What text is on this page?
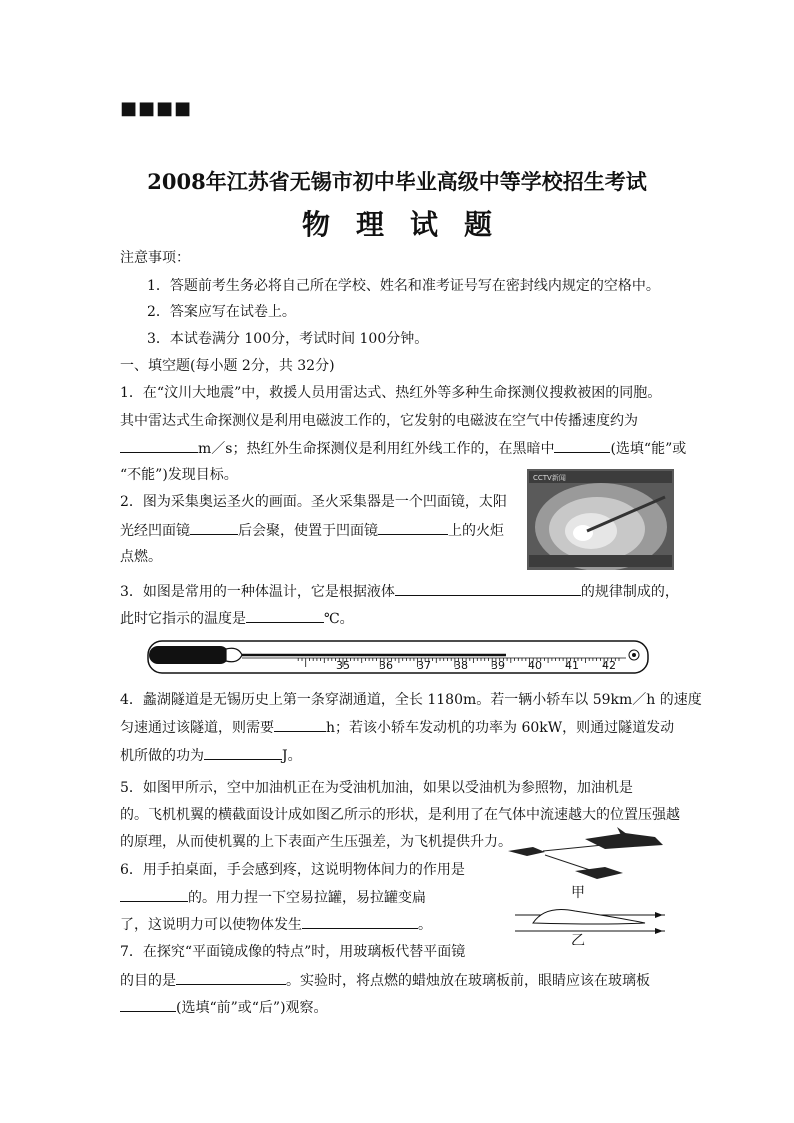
■■■■
2008年江苏省无锡市初中毕业高级中等学校招生考试
物理试题
注意事项：
1．答题前考生务必将自己所在学校、姓名和准考证号写在密封线内规定的空格中。
2．答案应写在试卷上。
3．本试卷满分 100分，考试时间 100分钟。
一、填空题(每小题 2分，共 32分)
1．在“汶川大地震”中，救援人员用雷达式、热红外等多种生命探测仪搜救被困的同胞。
其中雷达式生命探测仪是利用电磁波工作的，它发射的电磁波在空气中传播速度约为
m／s；热红外生命探测仪是利用红外线工作的，在黑暗中	(选填“能”或
“不能”)发现目标。
2．图为采集奥运圣火的画面。圣火采集器是一个凹面镜，太阳
光经凹面镜	后会聚，使置于凹面镜	上的火炬
点燃。
CCTV新闻
3．如图是常用的一种体温计，它是根据液体	的规律制成的，
此时它指示的温度是	℃。
35	36 37 38 39 40 41 42
4．蠡湖隧道是无锡历史上第一条穿湖通道，全长 1180m。若一辆小轿车以 59km／h 的速度
匀速通过该隧道，则需要	h；若该小轿车发动机的功率为 60kW，则通过隧道发动
机所做的功为	J。
5．如图甲所示，空中加油机正在为受油机加油，如果以受油机为参照物，加油机是
的。飞机机翼的横截面设计成如图乙所示的形状，是利用了在气体中流速越大的位置压强越
的原理，从而使机翼的上下表面产生压强差，为飞机提供升力。
甲
乙
6．用手拍桌面，手会感到疼，这说明物体间力的作用是
的。用力捏一下空易拉罐，易拉罐变扁
了，这说明力可以使物体发生	。
7．在探究“平面镜成像的特点”时，用玻璃板代替平面镜
的目的是	。实验时，将点燃的蜡烛放在玻璃板前，眼睛应该在玻璃板
(选填“前”或“后”)观察。
